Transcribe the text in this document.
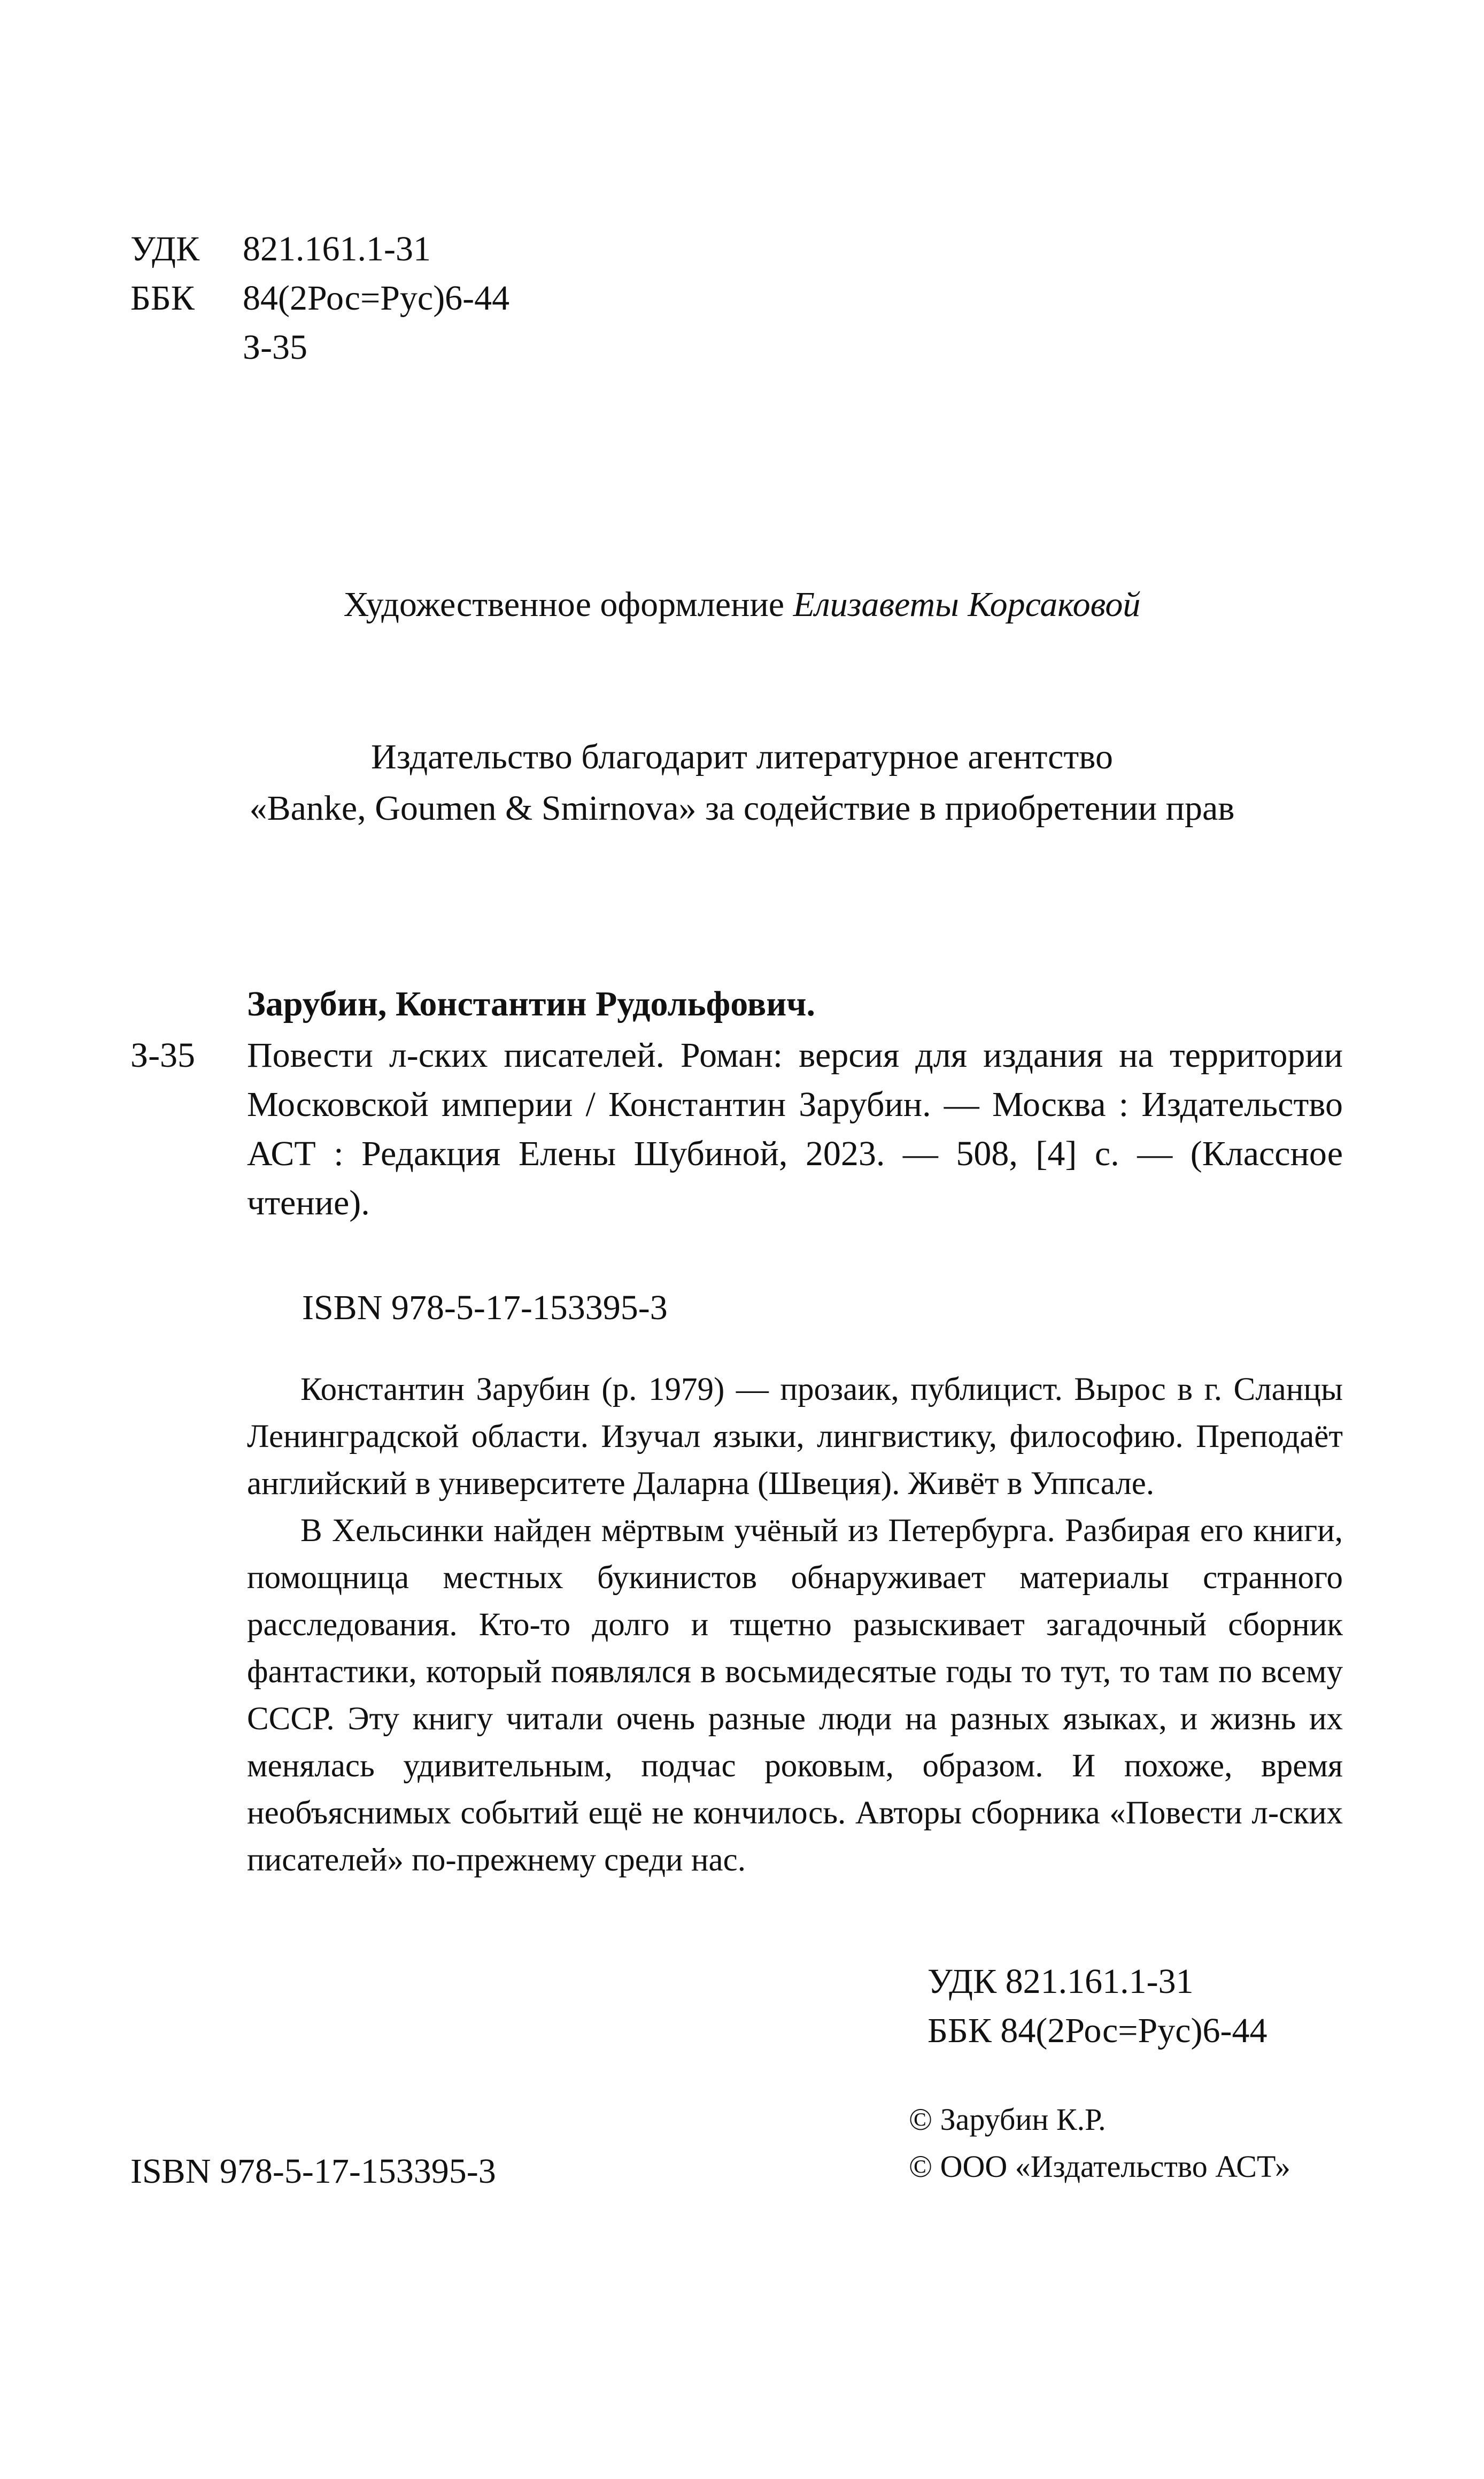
УДК 821.161.1-31
ББК 84(2Рос=Рус)6-44
З-35
Художественное оформление Елизаветы Корсаковой
Издательство благодарит литературное агентство
«Banke, Goumen & Smirnova» за содействие в приобретении прав
Зарубин, Константин Рудольфович.
З-35	Повести л-ских писателей. Роман: версия для издания на территории Московской империи / Константин Зарубин. — Москва : Издательство АСТ : Редакция Елены Шубиной, 2023. — 508, [4] с. — (Классное чтение).
ISBN 978-5-17-153395-3

Константин Зарубин (р. 1979) — прозаик, публицист. Вырос в г. Сланцы Ленинградской области. Изучал языки, лингвистику, философию. Преподаёт английский в университете Даларна (Швеция). Живёт в Уппсале.

В Хельсинки найден мёртвым учёный из Петербурга. Разбирая его книги, помощница местных букинистов обнаруживает материалы странного расследования. Кто-то долго и тщетно разыскивает загадочный сборник фантастики, который появлялся в восьмидесятые годы то тут, то там по всему СССР. Эту книгу читали очень разные люди на разных языках, и жизнь их менялась удивительным, подчас роковым, образом. И похоже, время необъяснимых событий ещё не кончилось. Авторы сборника «Повести л-ских писателей» по-прежнему среди нас.

УДК 821.161.1-31
ББК 84(2Рос=Рус)6-44
© Зарубин К.Р.
© ООО «Издательство АСТ»
ISBN 978-5-17-153395-3
